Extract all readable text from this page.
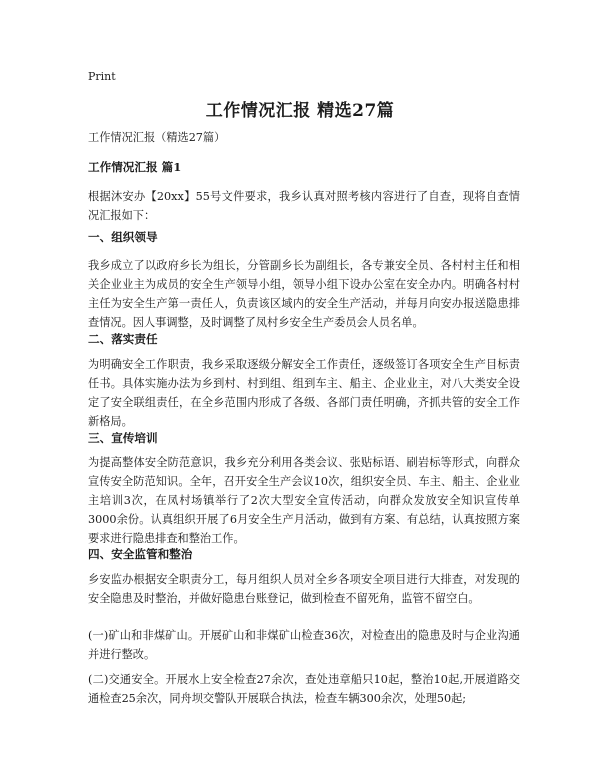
Print
工作情况汇报 精选27篇
工作情况汇报（精选27篇）
工作情况汇报 篇1
根据沐安办【20xx】55号文件要求，我乡认真对照考核内容进行了自查，现将自查情况汇报如下：
一、组织领导
我乡成立了以政府乡长为组长，分管副乡长为副组长，各专兼安全员、各村村主任和相关企业业主为成员的安全生产领导小组，领导小组下设办公室在安全办内。明确各村村主任为安全生产第一责任人，负责该区域内的安全生产活动，并每月向安办报送隐患排查情况。因人事调整，及时调整了凤村乡安全生产委员会人员名单。
二、落实责任
为明确安全工作职责，我乡采取逐级分解安全工作责任，逐级签订各项安全生产目标责任书。具体实施办法为乡到村、村到组、组到车主、船主、企业业主，对八大类安全设定了安全联组责任，在全乡范围内形成了各级、各部门责任明确，齐抓共管的安全工作新格局。
三、宣传培训
为提高整体安全防范意识，我乡充分利用各类会议、张贴标语、刷岩标等形式，向群众宣传安全防范知识。全年，召开安全生产会议10次，组织安全员、车主、船主、企业业主培训3次，在凤村场镇举行了2次大型安全宣传活动，向群众发放安全知识宣传单3000余份。认真组织开展了6月安全生产月活动，做到有方案、有总结，认真按照方案要求进行隐患排查和整治工作。
四、安全监管和整治
乡安监办根据安全职责分工，每月组织人员对全乡各项安全项目进行大排查，对发现的安全隐患及时整治，并做好隐患台账登记，做到检查不留死角，监管不留空白。
(一)矿山和非煤矿山。开展矿山和非煤矿山检查36次，对检查出的隐患及时与企业沟通并进行整改。
(二)交通安全。开展水上安全检查27余次，查处违章船只10起，整治10起,开展道路交通检查25余次，同舟坝交警队开展联合执法，检查车辆300余次，处理50起;
